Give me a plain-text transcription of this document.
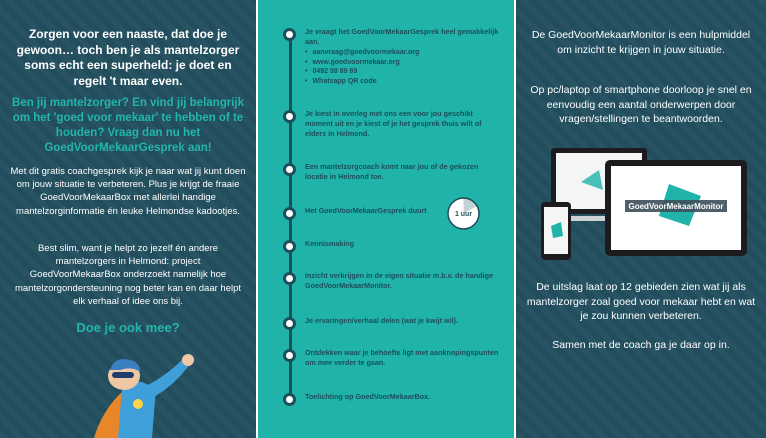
Zorgen voor een naaste, dat doe je gewoon… toch ben je als mantelzorger soms echt een superheld: je doet en regelt 't maar even.

Ben jij mantelzorger? En vind jij belangrijk om het 'goed voor mekaar' te hebben of te houden? Vraag dan nu het GoedVoorMekaarGesprek aan!

Met dit gratis coachgesprek kijk je naar wat jij kunt doen om jouw situatie te verbeteren. Plus je krijgt de fraaie GoedVoorMekaarBox met allerlei handige mantelzorginformatie én leuke Helmondse kadootjes.

Best slim, want je helpt zo jezelf én andere mantelzorgers in Helmond: project GoedVoorMekaarBox onderzoekt namelijk hoe mantelzorgondersteuning nog beter kan en daar helpt elk verhaal of idee ons bij.

Doe je ook mee?

Je vraagt het GoedVoorMekaarGesprek heel gemakkelijk aan.
• aanvraag@goedvoormekaar.org
• www.goedvoormekaar.org
• 0492 59 89 89
• Whatsapp QR code
Je kiest in overleg met ons een voor jou geschikt moment uit en je kiest of je het gesprek thuis wilt of elders in Helmond.
Een mantelzorgcoach komt naar jou of de gekozen locatie in Helmond toe.
Het GoedVoorMekaarGesprek duurt	1 uur
Kennismaking
Inzicht verkrijgen in de eigen situatie m.b.v. de handige GoedVoorMekaarMonitor.
Je ervaringen/verhaal delen (wat je kwijt wil).
Ontdekken waar je behoefte ligt met aanknopingspunten om mee verder te gaan.
Toelichting op GoedVoorMekaarBox.

De GoedVoorMekaarMonitor is een hulpmiddel om inzicht te krijgen in jouw situatie.

Op pc/laptop of smartphone doorloop je snel en eenvoudig een aantal onderwerpen door vragen/stellingen te beantwoorden.

De uitslag laat op 12 gebieden zien wat jij als mantelzorger zoal goed voor mekaar hebt en wat je zou kunnen verbeteren.

Samen met de coach ga je daar op in.

GoedVoorMekaarMonitor
